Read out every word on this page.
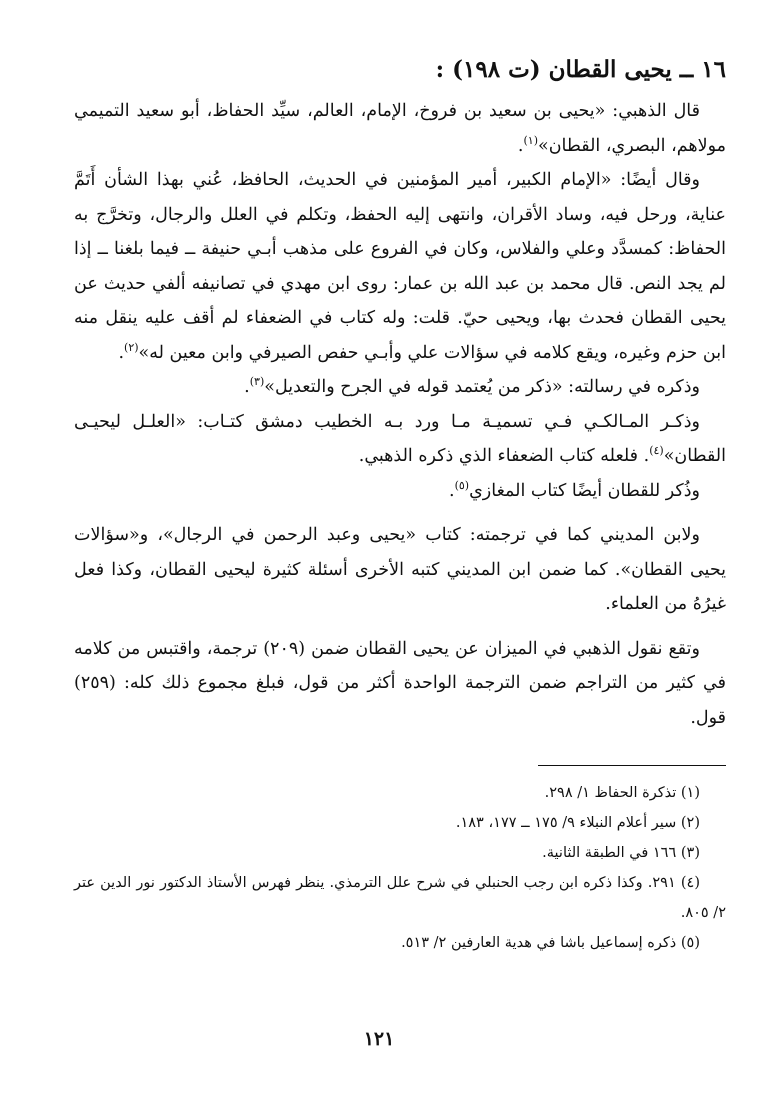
١٦ ــ يحيى القطان (ت ١٩٨) :

قال الذهبي: «يحيى بن سعيد بن فروخ، الإمام، العالم، سيِّد الحفاظ، أبو سعيد التميمي مولاهم، البصري، القطان»$^{(١)}$.

وقال أيضًا: «الإمام الكبير، أمير المؤمنين في الحديث، الحافظ، عُني بهذا الشأن أَتَمَّ عناية، ورحل فيه، وساد الأقران، وانتهى إليه الحفظ، وتكلم في العلل والرجال، وتخرَّج به الحفاظ: كمسدَّد وعلي والفلاس، وكان في الفروع على مذهب أبـي حنيفة ــ فيما بلغنا ــ إذا لم يجد النص. قال محمد بن عبد الله بن عمار: روى ابن مهدي في تصانيفه ألفي حديث عن يحيى القطان فحدث بها، ويحيى حيّ. قلت: وله كتاب في الضعفاء لم أقف عليه ينقل منه ابن حزم وغيره، ويقع كلامه في سؤالات علي وأبـي حفص الصيرفي وابن معين له»$^{(٢)}$.

وذكره في رسالته: «ذكر من يُعتمد قوله في الجرح والتعديل»$^{(٣)}$.

وذكـر المـالكـي فـي تسميـة مـا ورد بـه الخطيب دمشق كتـاب: «العلـل ليحيـى القطان»$^{(٤)}$. فلعله كتاب الضعفاء الذي ذكره الذهبي.

وذُكر للقطان أيضًا كتاب المغازي$^{(٥)}$.

ولابن المديني كما في ترجمته: كتاب «يحيى وعبد الرحمن في الرجال»، و«سؤالات يحيى القطان». كما ضمن ابن المديني كتبه الأخرى أسئلة كثيرة ليحيى القطان، وكذا فعل غيرُهُ من العلماء.

وتقع نقول الذهبي في الميزان عن يحيى القطان ضمن (٢٠٩) ترجمة، واقتبس من كلامه في كثير من التراجم ضمن الترجمة الواحدة أكثر من قول، فبلغ مجموع ذلك كله: (٢٥٩) قول.

(١) تذكرة الحفاظ ١/ ٢٩٨.

(٢) سير أعلام النبلاء ٩/ ١٧٥ ــ ١٧٧، ١٨٣.

(٣) ١٦٦ في الطبقة الثانية.

(٤) ٢٩١. وكذا ذكره ابن رجب الحنبلي في شرح علل الترمذي. ينظر فهرس الأستاذ الدكتور نور الدين عتر ٢/ ٨٠٥.

(٥) ذكره إسماعيل باشا في هدية العارفين ٢/ ٥١٣.

١٢١
